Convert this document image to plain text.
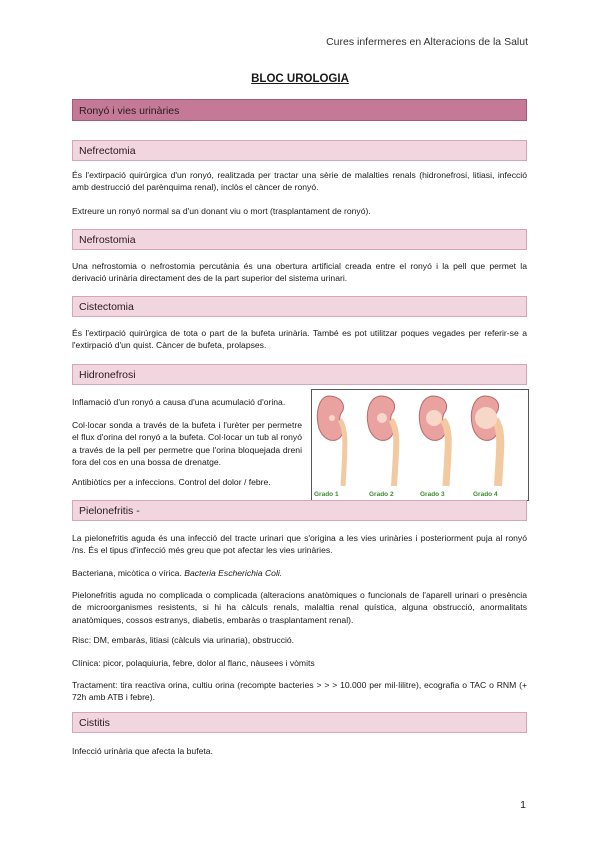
Cures infermeres en Alteracions de la Salut
BLOC UROLOGIA
Ronyó i vies urinàries
Nefrectomia
És l'extirpació quirúrgica d'un ronyó, realitzada per tractar una sèrie de malalties renals (hidronefrosi, litiasi, infecció amb destrucció del parènquima renal), inclòs el càncer de ronyó.
Extreure un ronyó normal sa d'un donant viu o mort (trasplantament de ronyó).
Nefrostomia
Una nefrostomia o nefrostomia percutània és una obertura artificial creada entre el ronyó i la pell que permet la derivació urinària directament des de la part superior del sistema urinari.
Cistectomia
És l'extirpació quirúrgica de tota o part de la bufeta urinària. També es pot utilitzar poques vegades per referir-se a l'extirpació d'un quist. Càncer de bufeta, prolapses.
Hidronefrosi
Inflamació d'un ronyó a causa d'una acumulació d'orina.
Col·locar sonda a través de la bufeta i l'urèter per permetre el flux d'orina del ronyó a la bufeta. Col·locar un tub al ronyó a través de la pell per permetre que l'orina bloquejada dreni fora del cos en una bossa de drenatge.
Antibiòtics per a infeccions. Control del dolor / febre.
Grado 1	Grado 2	Grado 3	Grado 4
Pielonefritis -
La pielonefritis aguda és una infecció del tracte urinari que s'origina a les vies urinàries i posteriorment puja al ronyó /ns. És el tipus d'infecció més greu que pot afectar les vies urinàries.
Bacteriana, micòtica o vírica. Bacteria Escherichia Coli.
Pielonefritis aguda no complicada o complicada (alteracions anatòmiques o funcionals de l'aparell urinari o presència de microorganismes resistents, si hi ha càlculs renals, malaltia renal quística, alguna obstrucció, anormalitats anatòmiques, cossos estranys, diabetis, embaràs o trasplantament renal).
Risc: DM, embaràs, litiasi (càlculs via urinaria), obstrucció.
Clínica: picor, polaquiuria, febre, dolor al flanc, nàusees i vòmits
Tractament: tira reactiva orina, cultiu orina (recompte bacteries > > > 10.000 per mil·lilitre), ecografia o TAC o RNM (+ 72h amb ATB i febre).
Cistitis
Infecció urinària que afecta la bufeta.
1
